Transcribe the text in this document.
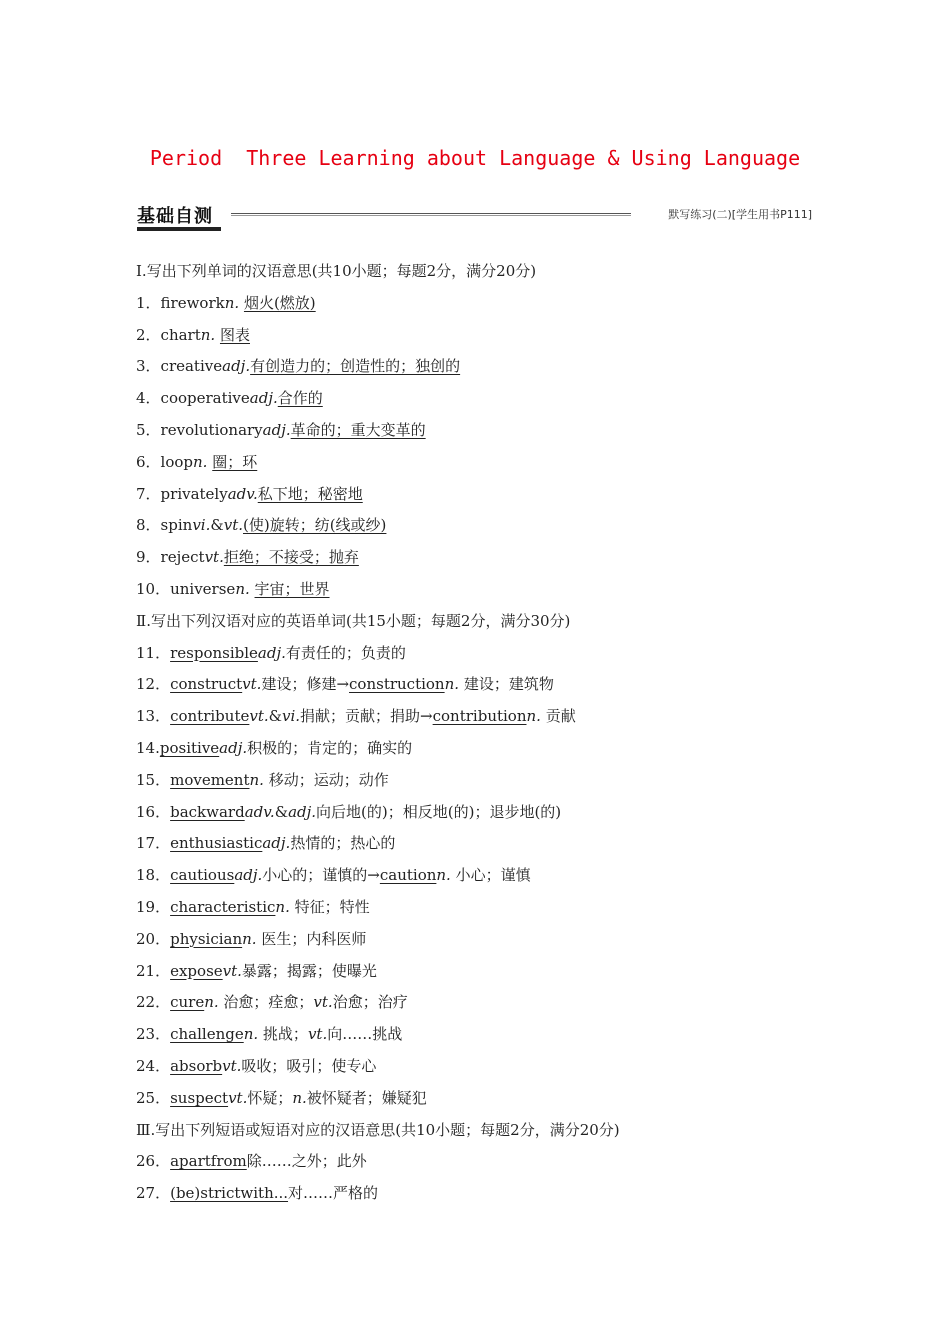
Period  Three Learning about Language & Using Language
基础自测	默写练习(二)[学生用书P111]
Ⅰ.写出下列单词的汉语意思(共10小题；每题2分，满分20分)
1．fireworkn. 烟火(燃放)
2．chartn. 图表
3．creativeadj.有创造力的；创造性的；独创的
4．cooperativeadj.合作的
5．revolutionaryadj.革命的；重大变革的
6．loopn. 圈；环
7．privatelyadv.私下地；秘密地
8．spinvi.&vt.(使)旋转；纺(线或纱)
9．rejectvt.拒绝；不接受；抛弃
10．universen. 宇宙；世界
Ⅱ.写出下列汉语对应的英语单词(共15小题；每题2分，满分30分)
11．responsibleadj.有责任的；负责的
12．constructvt.建设；修建→constructionn. 建设；建筑物
13．contributevt.&vi.捐献；贡献；捐助→contributionn. 贡献
14.positiveadj.积极的；肯定的；确实的
15．movementn. 移动；运动；动作
16．backwardadv.&adj.向后地(的)；相反地(的)；退步地(的)
17．enthusiasticadj.热情的；热心的
18．cautiousadj.小心的；谨慎的→cautionn. 小心；谨慎
19．characteristicn. 特征；特性
20．physiciann. 医生；内科医师
21．exposevt.暴露；揭露；使曝光
22．curen. 治愈；痊愈；vt.治愈；治疗
23．challengen. 挑战；vt.向……挑战
24．absorbvt.吸收；吸引；使专心
25．suspectvt.怀疑；n.被怀疑者；嫌疑犯
Ⅲ.写出下列短语或短语对应的汉语意思(共10小题；每题2分，满分20分)
26．apartfrom除……之外；此外
27．(be)strictwith...对……严格的
